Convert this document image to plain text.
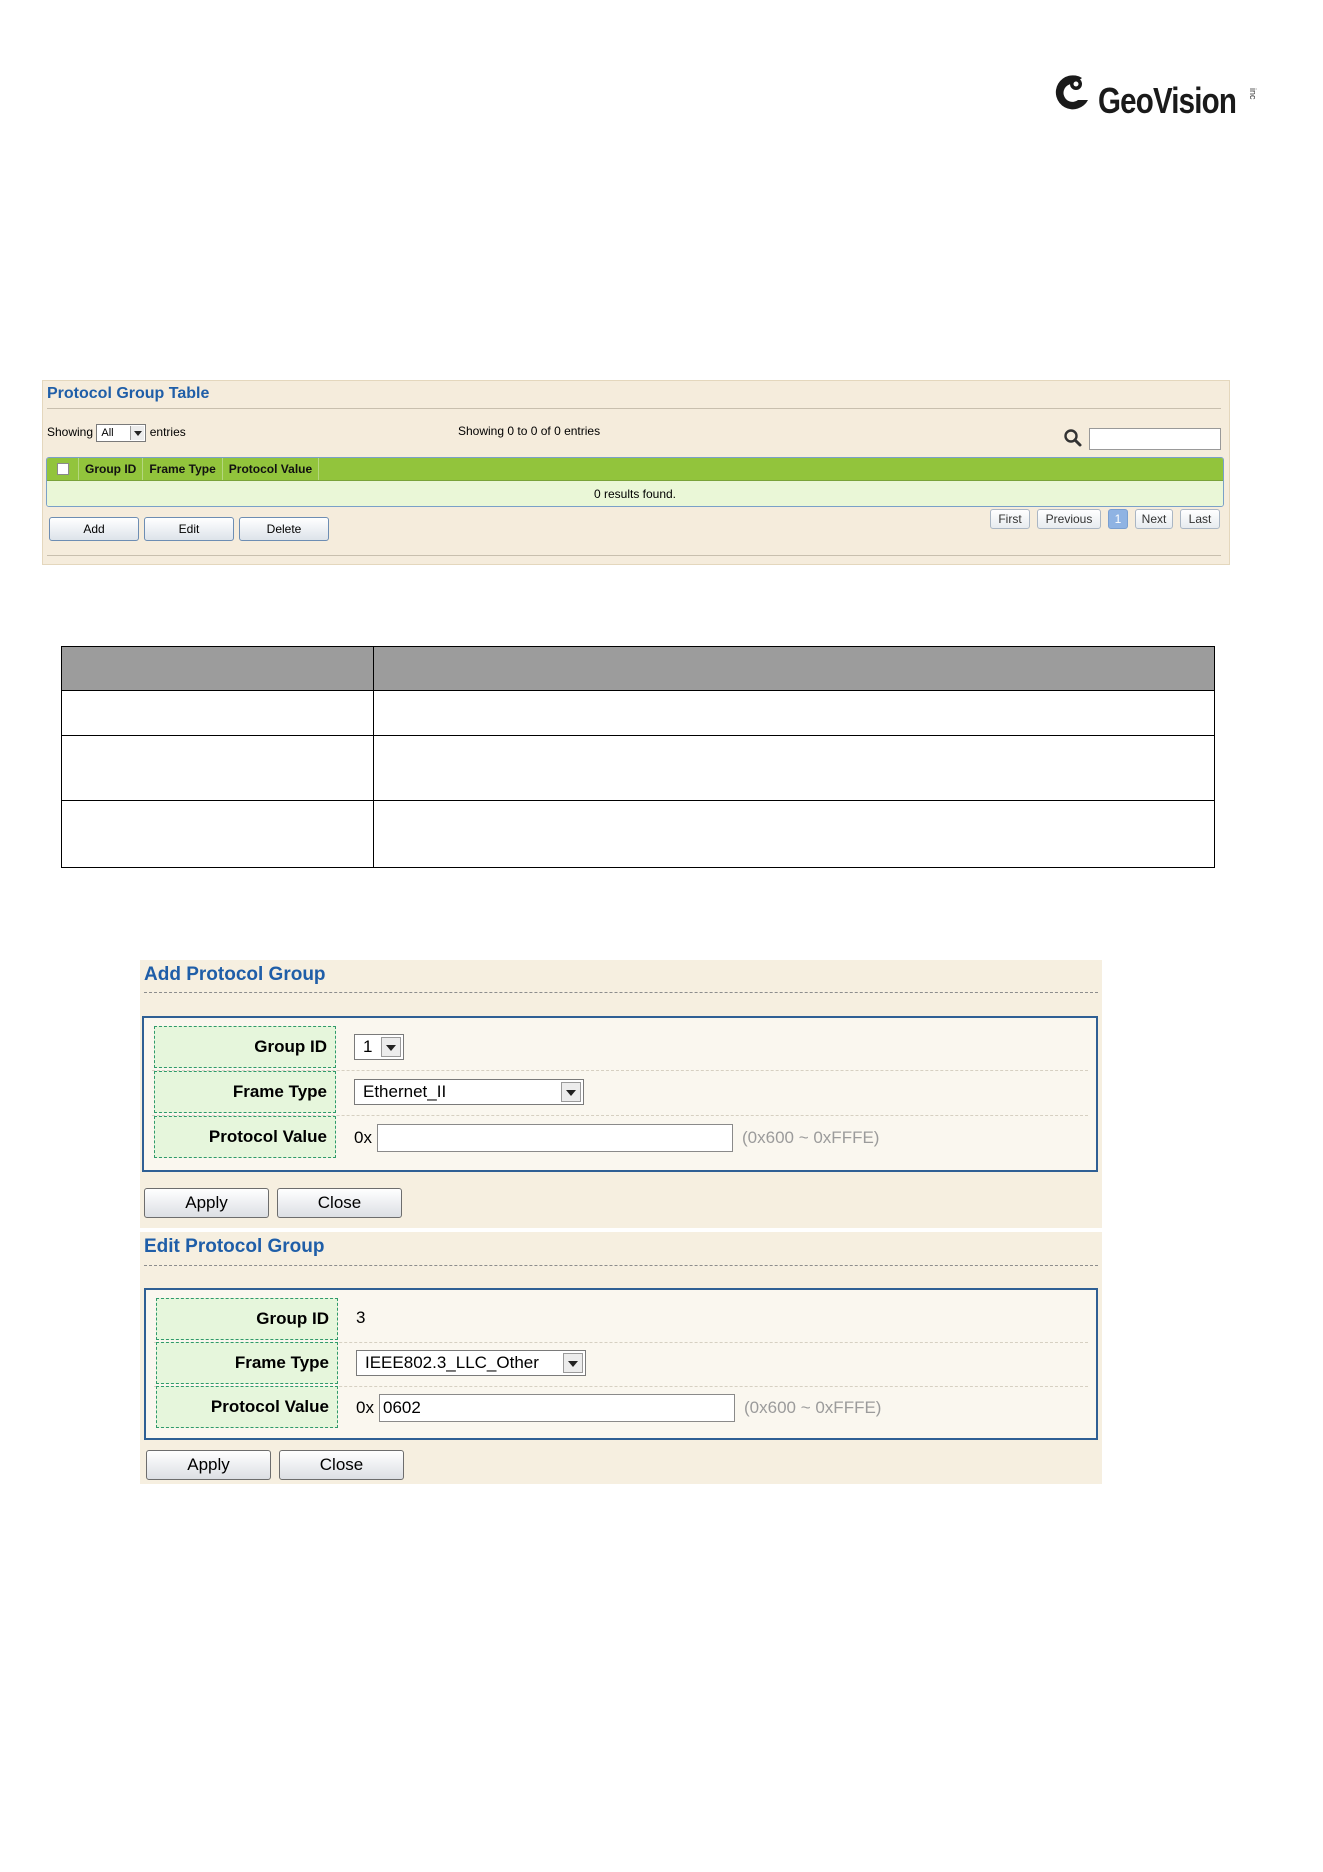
GeoVision inc
Protocol Group Table
Showing All	entries	Showing 0 to 0 of 0 entries
Group ID	Frame Type	Protocol Value
0 results found.
Add	Edit	Delete
First	Previous	1	Next	Last

Add Protocol Group
Group ID	1
Frame Type	Ethernet_II
Protocol Value	0x	(0x600 ~ 0xFFFE)
Apply	Close
Edit Protocol Group
Group ID	3
Frame Type	IEEE802.3_LLC_Other
Protocol Value	0x 0602	(0x600 ~ 0xFFFE)
Apply	Close
